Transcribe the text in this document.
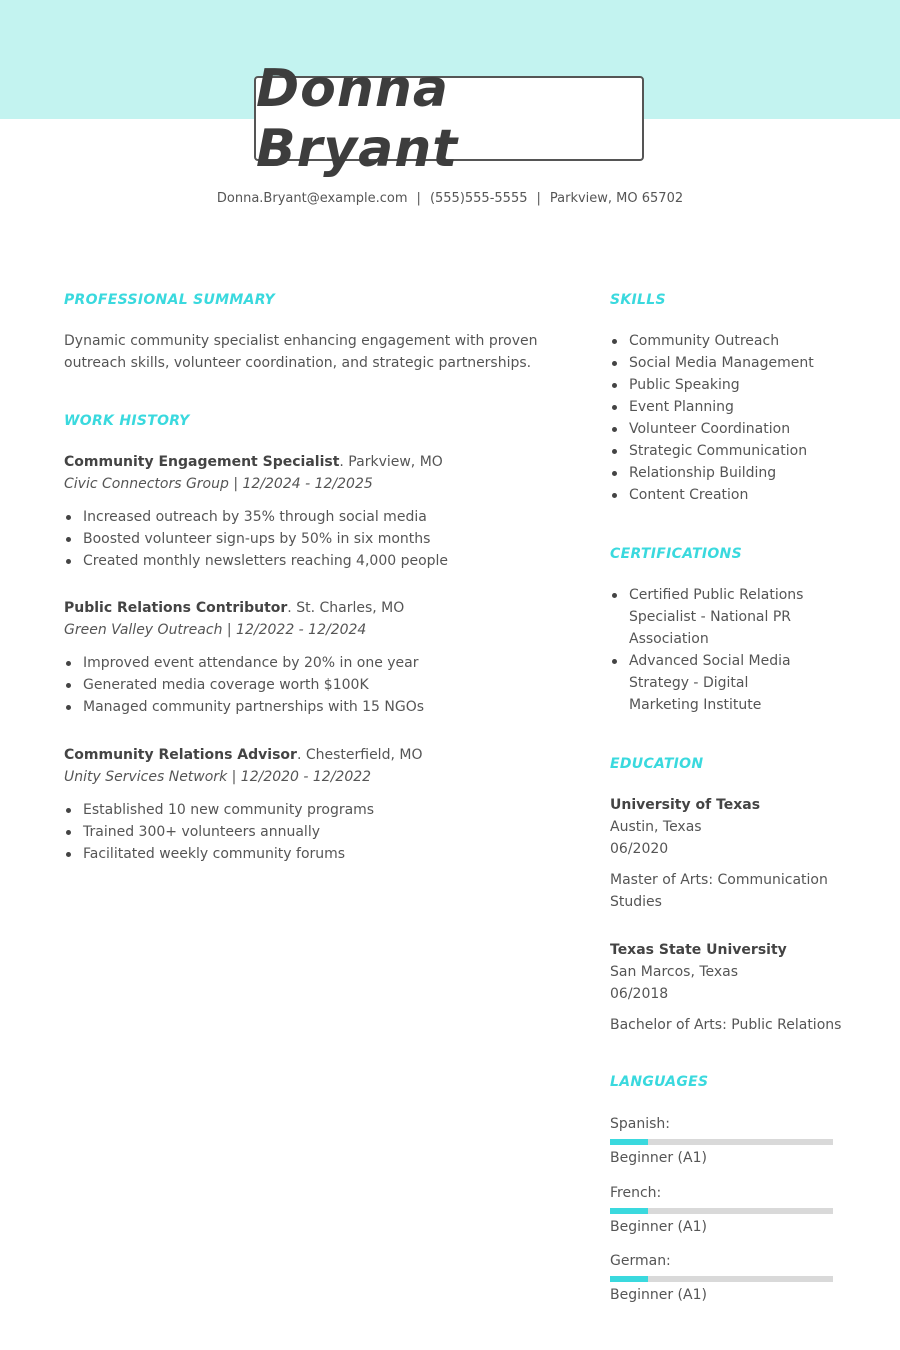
Donna Bryant
Donna.Bryant@example.com | (555)555-5555 | Parkview, MO 65702
PROFESSIONAL SUMMARY

Dynamic community specialist enhancing engagement with proven outreach skills, volunteer coordination, and strategic partnerships.

WORK HISTORY

Community Engagement Specialist. Parkview, MO

Civic Connectors Group | 12/2024 - 12/2025

Increased outreach by 35% through social media
Boosted volunteer sign-ups by 50% in six months
Created monthly newsletters reaching 4,000 people

Public Relations Contributor. St. Charles, MO

Green Valley Outreach | 12/2022 - 12/2024

Improved event attendance by 20% in one year
Generated media coverage worth $100K
Managed community partnerships with 15 NGOs

Community Relations Advisor. Chesterfield, MO

Unity Services Network | 12/2020 - 12/2022

Established 10 new community programs
Trained 300+ volunteers annually
Facilitated weekly community forums
SKILLS
Community Outreach
Social Media Management
Public Speaking
Event Planning
Volunteer Coordination
Strategic Communication
Relationship Building
Content Creation
CERTIFICATIONS
Certified Public Relations Specialist - National PR Association
Advanced Social Media Strategy - Digital Marketing Institute
EDUCATION

University of Texas

Austin, Texas

06/2020

Master of Arts: Communication Studies

Texas State University

San Marcos, Texas

06/2018

Bachelor of Arts: Public Relations

LANGUAGES

Spanish:

Beginner (A1)

French:

Beginner (A1)

German:

Beginner (A1)
